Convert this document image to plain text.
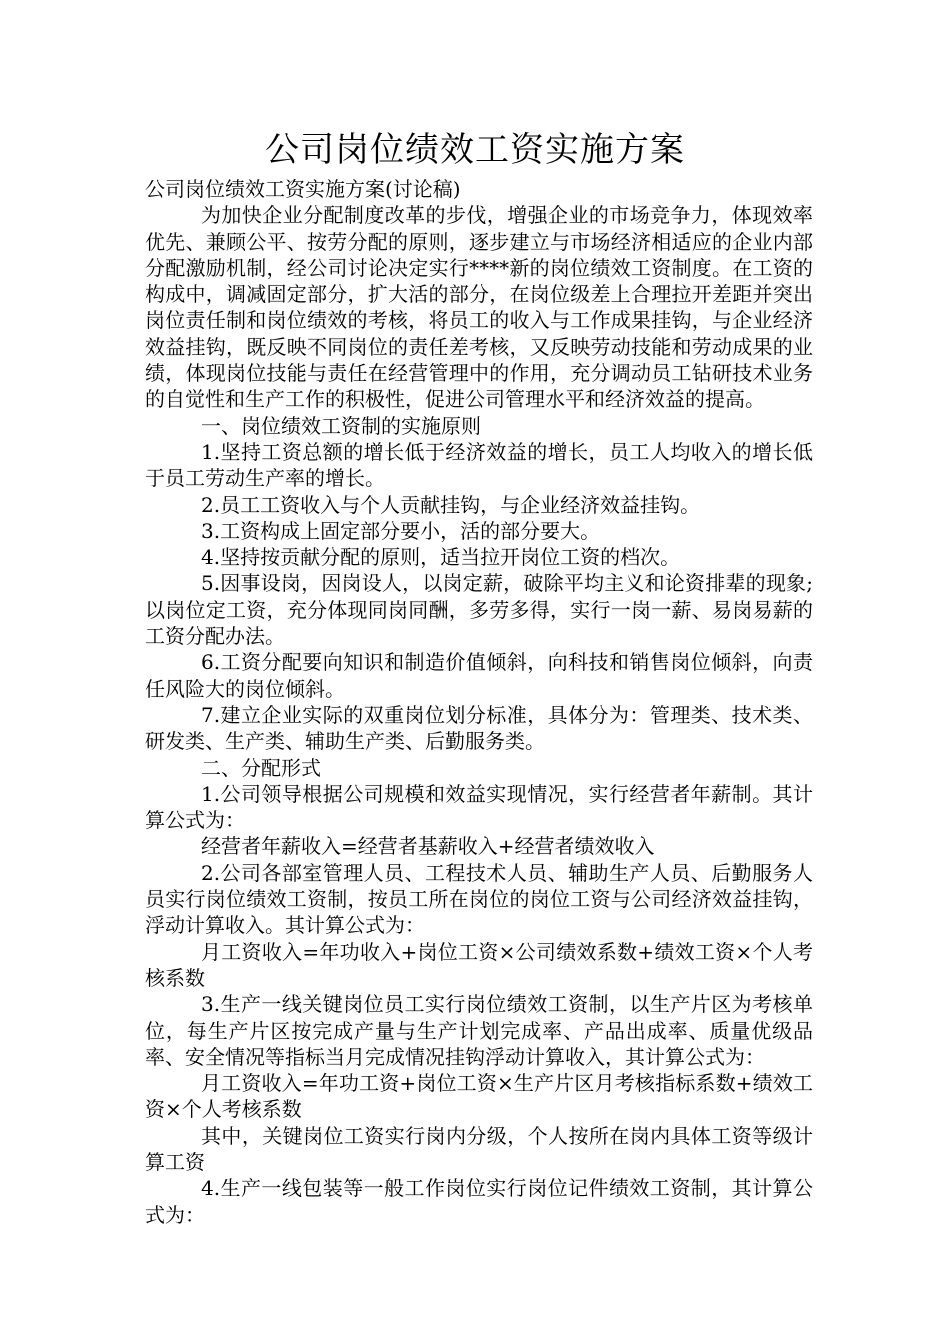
公司岗位绩效工资实施方案

公司岗位绩效工资实施方案(讨论稿)

为加快企业分配制度改革的步伐，增强企业的市场竞争力，体现效率优先、兼顾公平、按劳分配的原则，逐步建立与市场经济相适应的企业内部分配激励机制，经公司讨论决定实行****新的岗位绩效工资制度。在工资的构成中，调减固定部分，扩大活的部分，在岗位级差上合理拉开差距并突出岗位责任制和岗位绩效的考核，将员工的收入与工作成果挂钩，与企业经济效益挂钩，既反映不同岗位的责任差考核，又反映劳动技能和劳动成果的业绩，体现岗位技能与责任在经营管理中的作用，充分调动员工钻研技术业务的自觉性和生产工作的积极性，促进公司管理水平和经济效益的提高。

一、岗位绩效工资制的实施原则

1.坚持工资总额的增长低于经济效益的增长，员工人均收入的增长低于员工劳动生产率的增长。

2.员工工资收入与个人贡献挂钩，与企业经济效益挂钩。

3.工资构成上固定部分要小，活的部分要大。

4.坚持按贡献分配的原则，适当拉开岗位工资的档次。

5.因事设岗，因岗设人，以岗定薪，破除平均主义和论资排辈的现象;以岗位定工资，充分体现同岗同酬，多劳多得，实行一岗一薪、易岗易薪的工资分配办法。

6.工资分配要向知识和制造价值倾斜，向科技和销售岗位倾斜，向责任风险大的岗位倾斜。

7.建立企业实际的双重岗位划分标准，具体分为：管理类、技术类、研发类、生产类、辅助生产类、后勤服务类。

二、分配形式

1.公司领导根据公司规模和效益实现情况，实行经营者年薪制。其计算公式为：

经营者年薪收入=经营者基薪收入+经营者绩效收入

2.公司各部室管理人员、工程技术人员、辅助生产人员、后勤服务人员实行岗位绩效工资制，按员工所在岗位的岗位工资与公司经济效益挂钩，浮动计算收入。其计算公式为：

月工资收入=年功收入+岗位工资×公司绩效系数+绩效工资×个人考核系数

3.生产一线关键岗位员工实行岗位绩效工资制，以生产片区为考核单位，每生产片区按完成产量与生产计划完成率、产品出成率、质量优级品率、安全情况等指标当月完成情况挂钩浮动计算收入，其计算公式为：

月工资收入=年功工资+岗位工资×生产片区月考核指标系数+绩效工资×个人考核系数

其中，关键岗位工资实行岗内分级，个人按所在岗内具体工资等级计算工资

4.生产一线包装等一般工作岗位实行岗位记件绩效工资制，其计算公式为：
